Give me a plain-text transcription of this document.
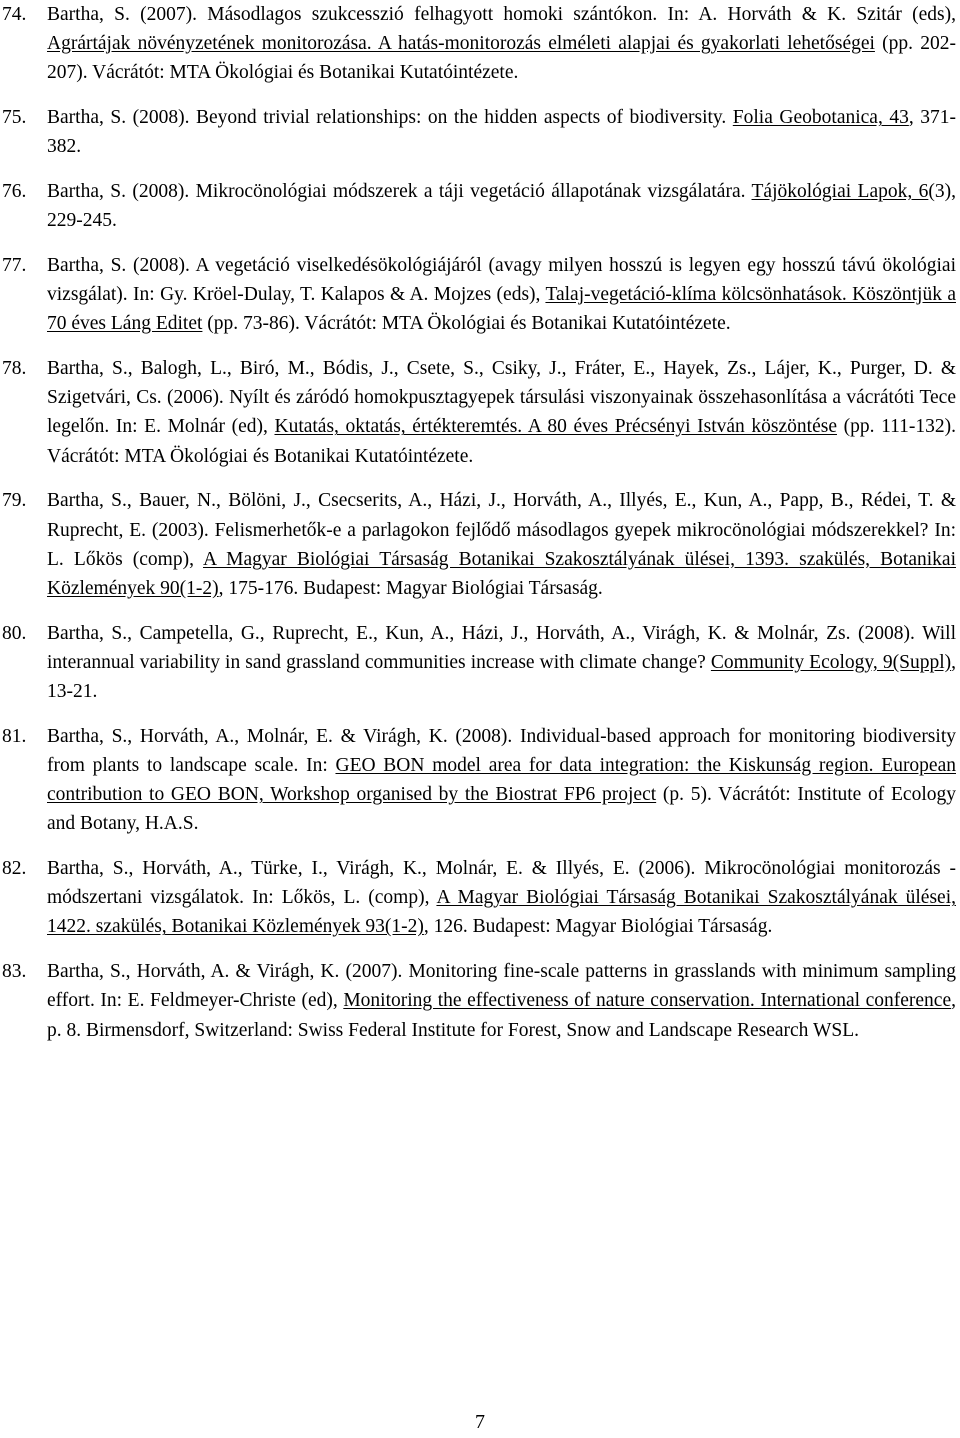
74. Bartha, S. (2007). Másodlagos szukcesszió felhagyott homoki szántókon. In: A. Horváth & K. Szitár (eds), Agrártájak növényzetének monitorozása. A hatás-monitorozás elméleti alapjai és gyakorlati lehetőségei (pp. 202-207). Vácrátót: MTA Ökológiai és Botanikai Kutatóintézete.
75. Bartha, S. (2008). Beyond trivial relationships: on the hidden aspects of biodiversity. Folia Geobotanica, 43, 371-382.
76. Bartha, S. (2008). Mikrocönológiai módszerek a táji vegetáció állapotának vizsgálatára. Tájökológiai Lapok, 6(3), 229-245.
77. Bartha, S. (2008). A vegetáció viselkedésökológiájáról (avagy milyen hosszú is legyen egy hosszú távú ökológiai vizsgálat). In: Gy. Kröel-Dulay, T. Kalapos & A. Mojzes (eds), Talaj-vegetáció-klíma kölcsönhatások. Köszöntjük a 70 éves Láng Editet (pp. 73-86). Vácrátót: MTA Ökológiai és Botanikai Kutatóintézete.
78. Bartha, S., Balogh, L., Biró, M., Bódis, J., Csete, S., Csiky, J., Fráter, E., Hayek, Zs., Lájer, K., Purger, D. & Szigetvári, Cs. (2006). Nyílt és záródó homokpusztagyepek társulási viszonyainak összehasonlítása a vácrátóti Tece legelőn. In: E. Molnár (ed), Kutatás, oktatás, értékteremtés. A 80 éves Précsényi István köszöntése (pp. 111-132). Vácrátót: MTA Ökológiai és Botanikai Kutatóintézete.
79. Bartha, S., Bauer, N., Bölöni, J., Csecserits, A., Házi, J., Horváth, A., Illyés, E., Kun, A., Papp, B., Rédei, T. & Ruprecht, E. (2003). Felismerhetők-e a parlagokon fejlődő másodlagos gyepek mikrocönológiai módszerekkel? In: L. Lőkös (comp), A Magyar Biológiai Társaság Botanikai Szakosztályának ülései, 1393. szakülés, Botanikai Közlemények 90(1-2), 175-176. Budapest: Magyar Biológiai Társaság.
80. Bartha, S., Campetella, G., Ruprecht, E., Kun, A., Házi, J., Horváth, A., Virágh, K. & Molnár, Zs. (2008). Will interannual variability in sand grassland communities increase with climate change? Community Ecology, 9(Suppl), 13-21.
81. Bartha, S., Horváth, A., Molnár, E. & Virágh, K. (2008). Individual-based approach for monitoring biodiversity from plants to landscape scale. In: GEO BON model area for data integration: the Kiskunság region. European contribution to GEO BON, Workshop organised by the Biostrat FP6 project (p. 5). Vácrátót: Institute of Ecology and Botany, H.A.S.
82. Bartha, S., Horváth, A., Türke, I., Virágh, K., Molnár, E. & Illyés, E. (2006). Mikrocönológiai monitorozás - módszertani vizsgálatok. In: Lőkös, L. (comp), A Magyar Biológiai Társaság Botanikai Szakosztályának ülései, 1422. szakülés, Botanikai Közlemények 93(1-2), 126. Budapest: Magyar Biológiai Társaság.
83. Bartha, S., Horváth, A. & Virágh, K. (2007). Monitoring fine-scale patterns in grasslands with minimum sampling effort. In: E. Feldmeyer-Christe (ed), Monitoring the effectiveness of nature conservation. International conference, p. 8. Birmensdorf, Switzerland: Swiss Federal Institute for Forest, Snow and Landscape Research WSL.
7
